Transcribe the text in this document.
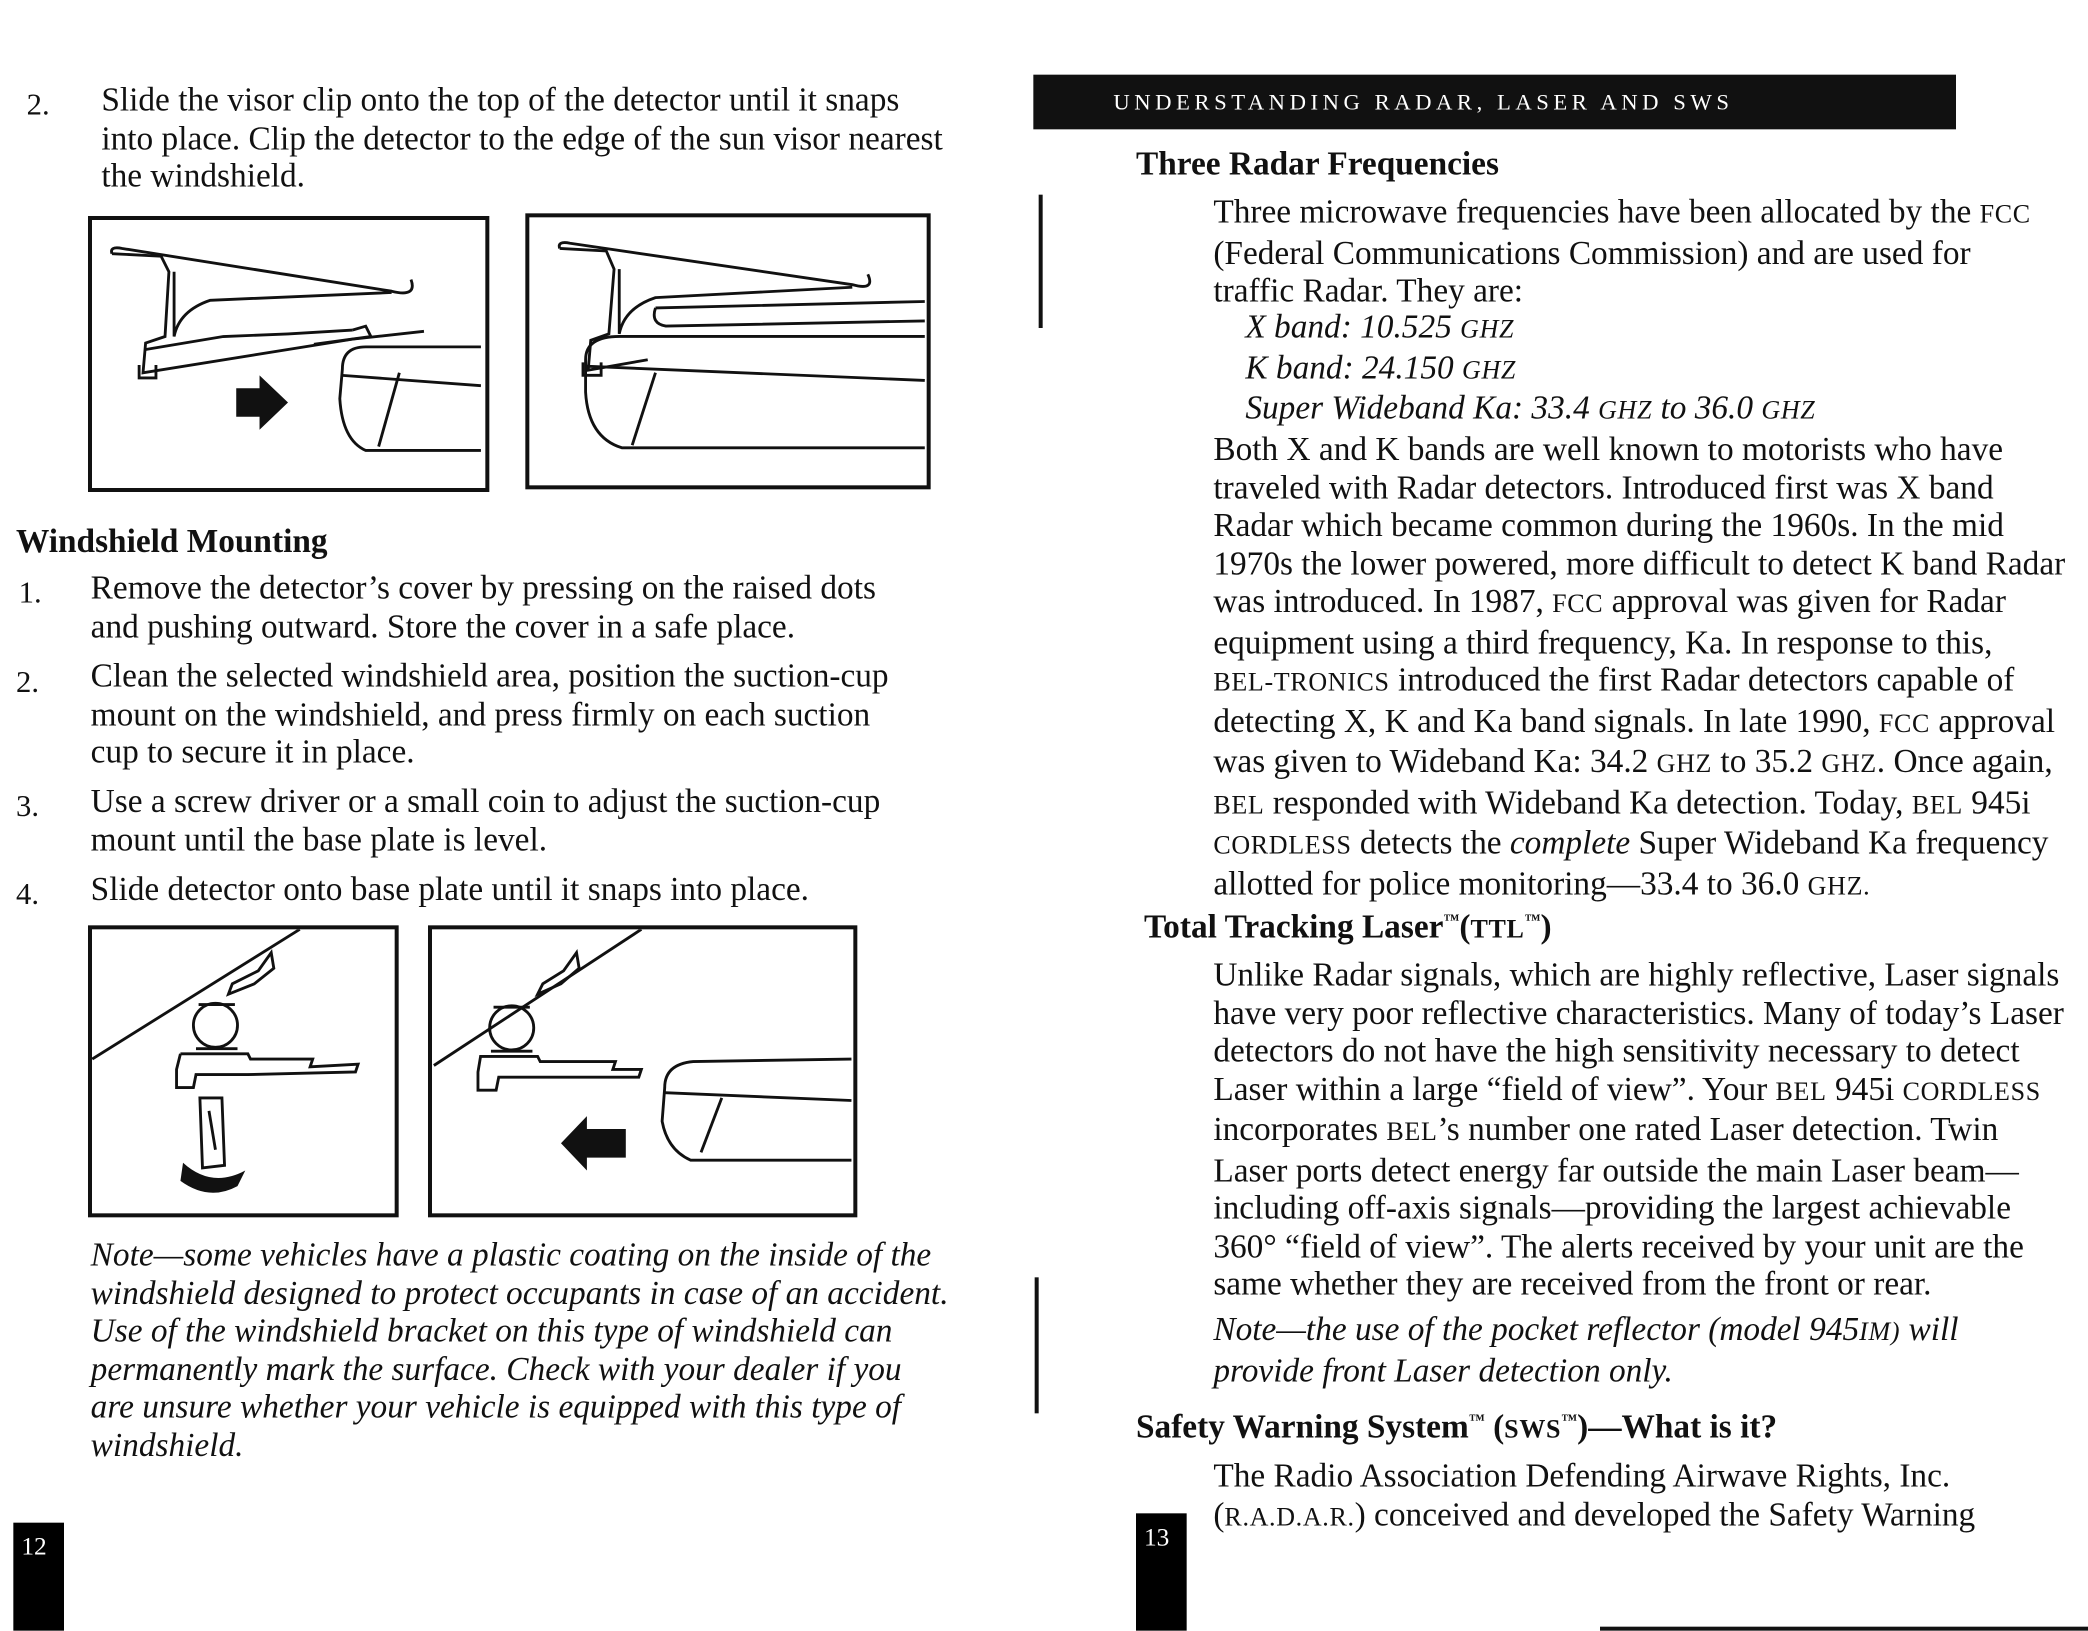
2. Slide the visor clip onto the top of the detector until it snaps
into place. Clip the detector to the edge of the sun visor nearest
the windshield.
Windshield Mounting
1. Remove the detector’s cover by pressing on the raised dots
and pushing outward. Store the cover in a safe place.
2. Clean the selected windshield area, position the suction-cup
mount on the windshield, and press firmly on each suction
cup to secure it in place.
3. Use a screw driver or a small coin to adjust the suction-cup
mount until the base plate is level.
4. Slide detector onto base plate until it snaps into place.
Note—some vehicles have a plastic coating on the inside of the
windshield designed to protect occupants in case of an accident.
Use of the windshield bracket on this type of windshield can
permanently mark the surface. Check with your dealer if you
are unsure whether your vehicle is equipped with this type of
windshield.
12
UNDERSTANDING RADAR, LASER AND SWS
Three Radar Frequencies
Three microwave frequencies have been allocated by the FCC
(Federal Communications Commission) and are used for
traffic Radar. They are:
X band: 10.525 GHZ
K band: 24.150 GHZ
Super Wideband Ka: 33.4 GHZ to 36.0 GHZ
Both X and K bands are well known to motorists who have
traveled with Radar detectors. Introduced first was X band
Radar which became common during the 1960s. In the mid
1970s the lower powered, more difficult to detect K band Radar
was introduced. In 1987, FCC approval was given for Radar
equipment using a third frequency, Ka. In response to this,
BEL-TRONICS introduced the first Radar detectors capable of
detecting X, K and Ka band signals. In late 1990, FCC approval
was given to Wideband Ka: 34.2 GHZ to 35.2 GHZ. Once again,
BEL responded with Wideband Ka detection. Today, BEL 945i
CORDLESS detects the complete Super Wideband Ka frequency
allotted for police monitoring—33.4 to 36.0 GHZ.
Total Tracking Laser™(TTL™)
Unlike Radar signals, which are highly reflective, Laser signals
have very poor reflective characteristics. Many of today’s Laser
detectors do not have the high sensitivity necessary to detect
Laser within a large “field of view”. Your BEL 945i CORDLESS
incorporates BEL’s number one rated Laser detection. Twin
Laser ports detect energy far outside the main Laser beam—
including off-axis signals—providing the largest achievable
360° “field of view”. The alerts received by your unit are the
same whether they are received from the front or rear.
Note—the use of the pocket reflector (model 945IM) will
provide front Laser detection only.
Safety Warning System™ (SWS™)—What is it?
The Radio Association Defending Airwave Rights, Inc.
(R.A.D.A.R.) conceived and developed the Safety Warning
13
